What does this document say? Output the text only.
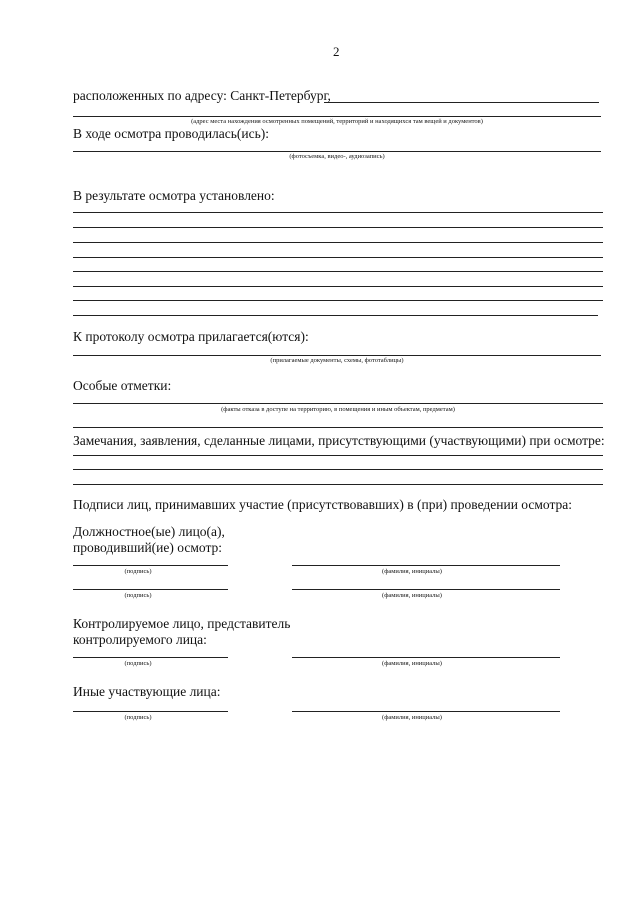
2
расположенных по адресу: Санкт-Петербург,
(адрес места нахождения осмотренных помещений, территорий и находящихся там вещей и документов)
В ходе осмотра проводилась(ись):
(фотосъемка, видео-, аудиозапись)
В результате осмотра установлено:
К протоколу осмотра прилагается(ются):
(прилагаемые документы, схемы, фототаблицы)
Особые отметки:
(факты отказа в доступе на территорию, в помещения и иным объектам, предметам)
Замечания, заявления, сделанные лицами, присутствующими (участвующими) при осмотре:
Подписи лиц, принимавших участие (присутствовавших) в (при) проведении осмотра:
Должностное(ые) лицо(а),
проводивший(ие) осмотр:
(подпись)	(фамилия, инициалы)
(подпись)	(фамилия, инициалы)
Контролируемое лицо, представитель
контролируемого лица:
(подпись)	(фамилия, инициалы)
Иные участвующие лица:
(подпись)	(фамилия, инициалы)
